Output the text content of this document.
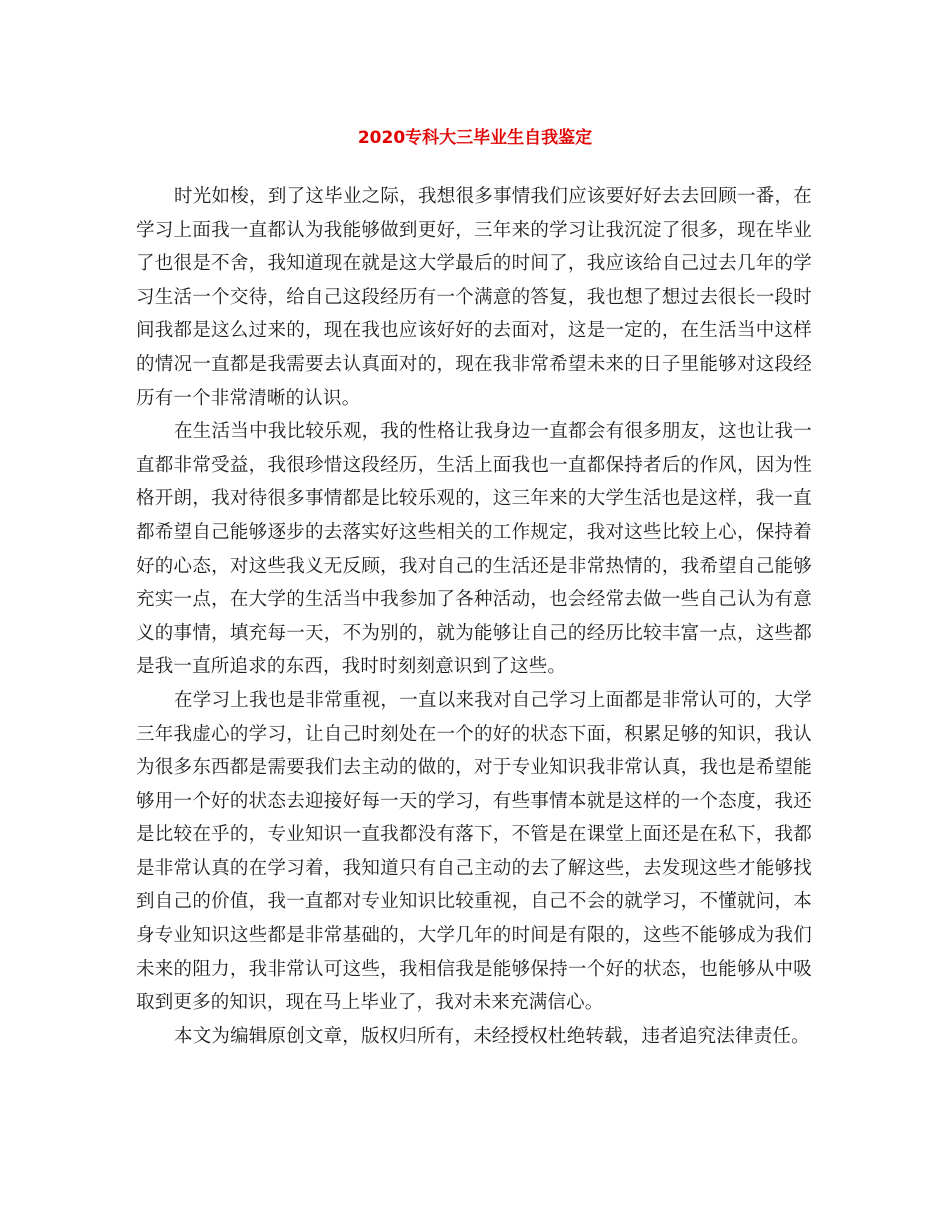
2020专科大三毕业生自我鉴定

时光如梭，到了这毕业之际，我想很多事情我们应该要好好去去回顾一番，在学习上面我一直都认为我能够做到更好，三年来的学习让我沉淀了很多，现在毕业了也很是不舍，我知道现在就是这大学最后的时间了，我应该给自己过去几年的学习生活一个交待，给自己这段经历有一个满意的答复，我也想了想过去很长一段时间我都是这么过来的，现在我也应该好好的去面对，这是一定的，在生活当中这样的情况一直都是我需要去认真面对的，现在我非常希望未来的日子里能够对这段经历有一个非常清晰的认识。

在生活当中我比较乐观，我的性格让我身边一直都会有很多朋友，这也让我一直都非常受益，我很珍惜这段经历，生活上面我也一直都保持者后的作风，因为性格开朗，我对待很多事情都是比较乐观的，这三年来的大学生活也是这样，我一直都希望自己能够逐步的去落实好这些相关的工作规定，我对这些比较上心，保持着好的心态，对这些我义无反顾，我对自己的生活还是非常热情的，我希望自己能够充实一点，在大学的生活当中我参加了各种活动，也会经常去做一些自己认为有意义的事情，填充每一天，不为别的，就为能够让自己的经历比较丰富一点，这些都是我一直所追求的东西，我时时刻刻意识到了这些。

在学习上我也是非常重视，一直以来我对自己学习上面都是非常认可的，大学三年我虚心的学习，让自己时刻处在一个的好的状态下面，积累足够的知识，我认为很多东西都是需要我们去主动的做的，对于专业知识我非常认真，我也是希望能够用一个好的状态去迎接好每一天的学习，有些事情本就是这样的一个态度，我还是比较在乎的，专业知识一直我都没有落下，不管是在课堂上面还是在私下，我都是非常认真的在学习着，我知道只有自己主动的去了解这些，去发现这些才能够找到自己的价值，我一直都对专业知识比较重视，自己不会的就学习，不懂就问，本身专业知识这些都是非常基础的，大学几年的时间是有限的，这些不能够成为我们未来的阻力，我非常认可这些，我相信我是能够保持一个好的状态，也能够从中吸取到更多的知识，现在马上毕业了，我对未来充满信心。

本文为编辑原创文章，版权归所有，未经授权杜绝转载，违者追究法律责任。
